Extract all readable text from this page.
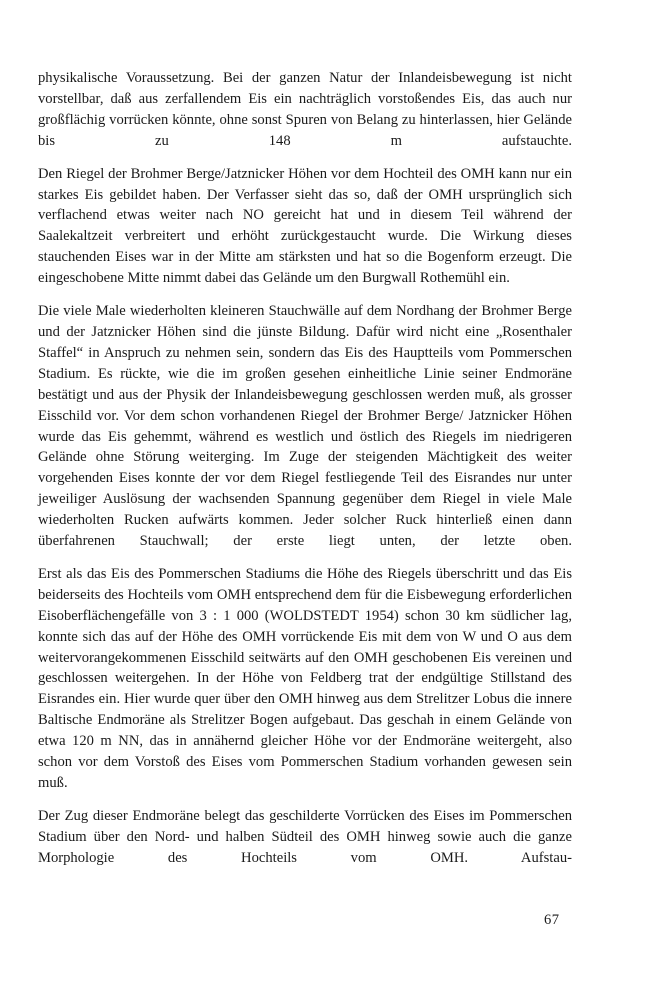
physikalische Voraussetzung. Bei der ganzen Natur der Inlandeisbewegung ist nicht vorstellbar, daß aus zerfallendem Eis ein nachträglich vorstoßendes Eis, das auch nur großflächig vorrücken könnte, ohne sonst Spuren von Belang zu hinterlassen, hier Gelände bis zu 148 m aufstauchte.

Den Riegel der Brohmer Berge/Jatznicker Höhen vor dem Hochteil des OMH kann nur ein starkes Eis gebildet haben. Der Verfasser sieht das so, daß der OMH ursprünglich sich verflachend etwas weiter nach NO gereicht hat und in diesem Teil während der Saalekaltzeit verbreitert und erhöht zurückgestaucht wurde. Die Wirkung dieses stauchenden Eises war in der Mitte am stärksten und hat so die Bogenform erzeugt. Die eingeschobene Mitte nimmt dabei das Gelände um den Burgwall Rothemühl ein.

Die viele Male wiederholten kleineren Stauchwälle auf dem Nordhang der Brohmer Berge und der Jatznicker Höhen sind die jünste Bildung. Dafür wird nicht eine „Rosenthaler Staffel“ in Anspruch zu nehmen sein, sondern das Eis des Hauptteils vom Pommerschen Stadium. Es rückte, wie die im großen gesehen einheitliche Linie seiner Endmoräne bestätigt und aus der Physik der Inlandeisbewegung geschlossen werden muß, als grosser Eisschild vor. Vor dem schon vorhandenen Riegel der Brohmer Berge/ Jatznicker Höhen wurde das Eis gehemmt, während es westlich und östlich des Riegels im niedrigeren Gelände ohne Störung weiterging. Im Zuge der steigenden Mächtigkeit des weiter vorgehenden Eises konnte der vor dem Riegel festliegende Teil des Eisrandes nur unter jeweiliger Auslösung der wachsenden Spannung gegenüber dem Riegel in viele Male wiederholten Rucken aufwärts kommen. Jeder solcher Ruck hinterließ einen dann überfahrenen Stauchwall; der erste liegt unten, der letzte oben.

Erst als das Eis des Pommerschen Stadiums die Höhe des Riegels überschritt und das Eis beiderseits des Hochteils vom OMH entsprechend dem für die Eisbewegung erforderlichen Eisoberflächengefälle von 3 : 1 000 (WOLDSTEDT 1954) schon 30 km südlicher lag, konnte sich das auf der Höhe des OMH vorrückende Eis mit dem von W und O aus dem weitervorangekommenen Eisschild seitwärts auf den OMH geschobenen Eis vereinen und geschlossen weitergehen. In der Höhe von Feldberg trat der endgültige Stillstand des Eisrandes ein. Hier wurde quer über den OMH hinweg aus dem Strelitzer Lobus die innere Baltische Endmoräne als Strelitzer Bogen aufgebaut. Das geschah in einem Gelände von etwa 120 m NN, das in annähernd gleicher Höhe vor der Endmoräne weitergeht, also schon vor dem Vorstoß des Eises vom Pommerschen Stadium vorhanden gewesen sein muß.

Der Zug dieser Endmoräne belegt das geschilderte Vorrücken des Eises im Pommerschen Stadium über den Nord- und halben Südteil des OMH hinweg sowie auch die ganze Morphologie des Hochteils vom OMH. Aufstau-

67
